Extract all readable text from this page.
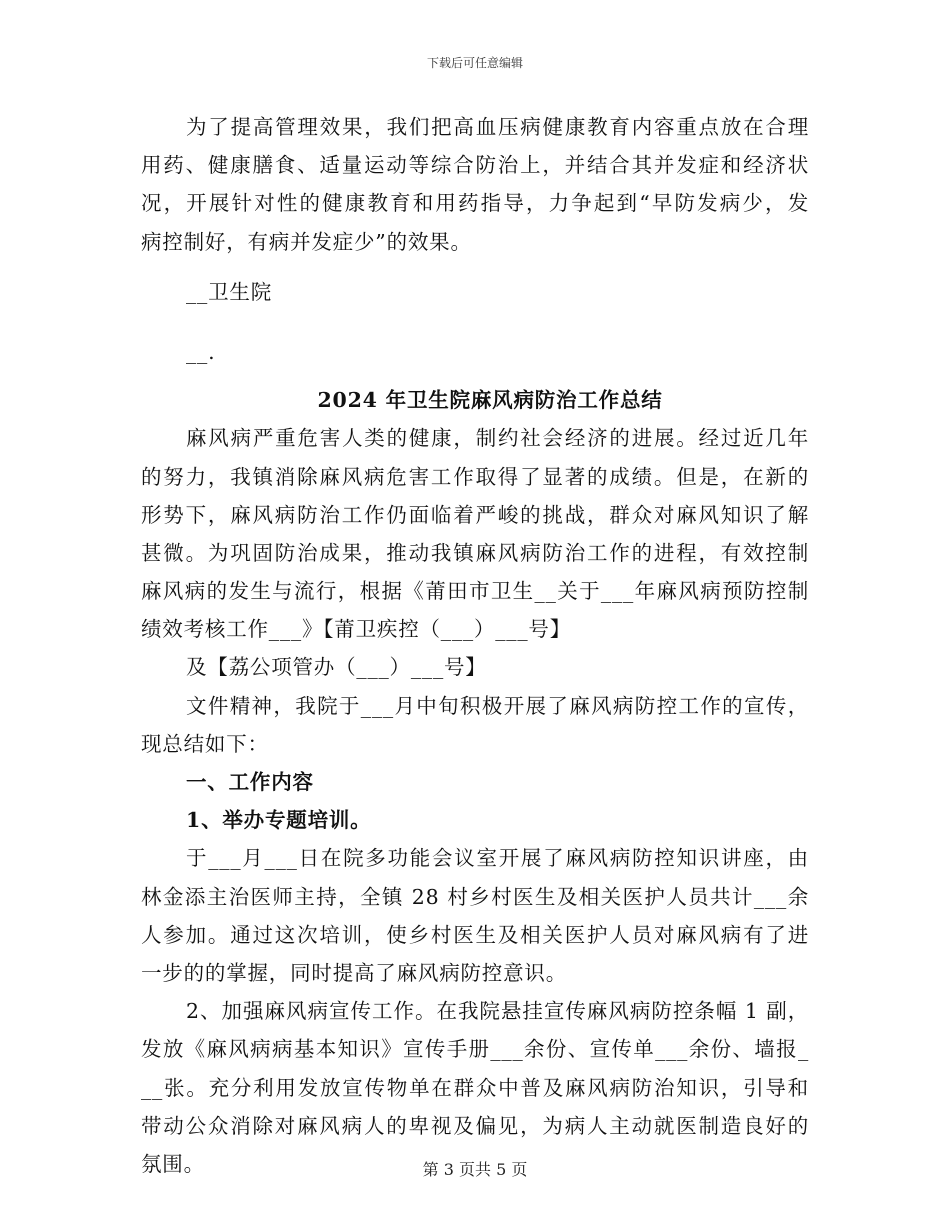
下载后可任意编辑
为了提高管理效果，我们把高血压病健康教育内容重点放在合理
用药、健康膳食、适量运动等综合防治上，并结合其并发症和经济状
况，开展针对性的健康教育和用药指导，力争起到“早防发病少，发
病控制好，有病并发症少”的效果。
__卫生院
__.
2024 年卫生院麻风病防治工作总结
麻风病严重危害人类的健康，制约社会经济的进展。经过近几年
的努力，我镇消除麻风病危害工作取得了显著的成绩。但是，在新的
形势下，麻风病防治工作仍面临着严峻的挑战，群众对麻风知识了解
甚微。为巩固防治成果，推动我镇麻风病防治工作的进程，有效控制
麻风病的发生与流行，根据《莆田市卫生__关于___年麻风病预防控制
绩效考核工作___》【莆卫疾控（___）___号】
及【荔公项管办（___）___号】
文件精神，我院于___月中旬积极开展了麻风病防控工作的宣传，
现总结如下：
一、工作内容
1、举办专题培训。
于___月___日在院多功能会议室开展了麻风病防控知识讲座，由
林金添主治医师主持，全镇 28 村乡村医生及相关医护人员共计___余
人参加。通过这次培训，使乡村医生及相关医护人员对麻风病有了进
一步的的掌握，同时提高了麻风病防控意识。
2、加强麻风病宣传工作。在我院悬挂宣传麻风病防控条幅 1 副，
发放《麻风病病基本知识》宣传手册___余份、宣传单___余份、墙报_
__张。充分利用发放宣传物单在群众中普及麻风病防治知识，引导和
带动公众消除对麻风病人的卑视及偏见，为病人主动就医制造良好的
氛围。	第 3 页共 5 页
